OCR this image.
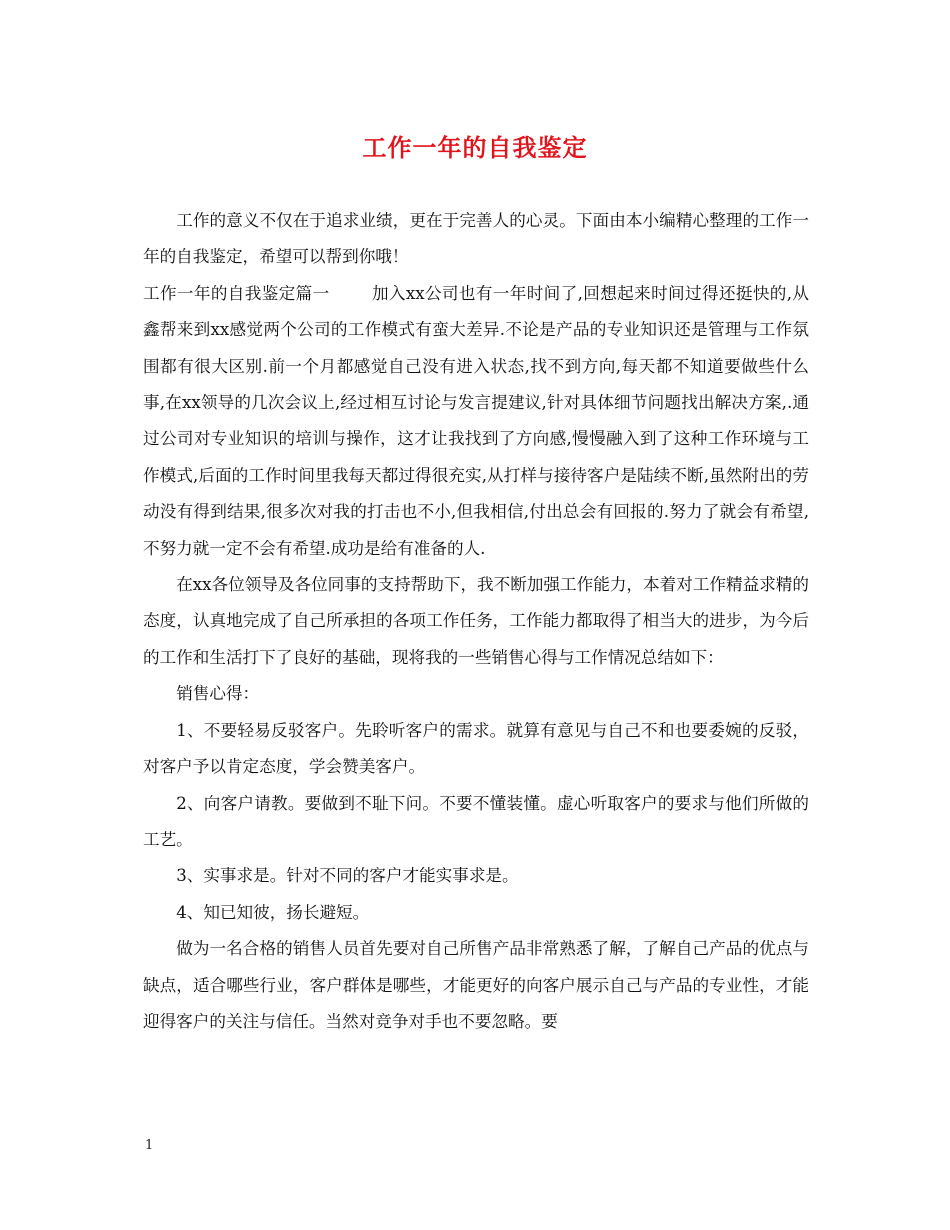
工作一年的自我鉴定

工作的意义不仅在于追求业绩，更在于完善人的心灵。下面由本小编精心整理的工作一年的自我鉴定，希望可以帮到你哦！

工作一年的自我鉴定篇一	加入xx公司也有一年时间了,回想起来时间过得还挺快的,从鑫帮来到xx感觉两个公司的工作模式有蛮大差异.不论是产品的专业知识还是管理与工作氛围都有很大区别.前一个月都感觉自己没有进入状态,找不到方向,每天都不知道要做些什么事,在xx领导的几次会议上,经过相互讨论与发言提建议,针对具体细节问题找出解决方案,.通过公司对专业知识的培训与操作，这才让我找到了方向感,慢慢融入到了这种工作环境与工作模式,后面的工作时间里我每天都过得很充实,从打样与接待客户是陆续不断,虽然附出的劳动没有得到结果,很多次对我的打击也不小,但我相信,付出总会有回报的.努力了就会有希望,不努力就一定不会有希望.成功是给有准备的人.

在xx各位领导及各位同事的支持帮助下，我不断加强工作能力，本着对工作精益求精的态度，认真地完成了自己所承担的各项工作任务，工作能力都取得了相当大的进步，为今后的工作和生活打下了良好的基础，现将我的一些销售心得与工作情况总结如下：

销售心得：

1、不要轻易反驳客户。先聆听客户的需求。就算有意见与自己不和也要委婉的反驳，对客户予以肯定态度，学会赞美客户。

2、向客户请教。要做到不耻下问。不要不懂装懂。虚心听取客户的要求与他们所做的工艺。

3、实事求是。针对不同的客户才能实事求是。

4、知已知彼，扬长避短。

做为一名合格的销售人员首先要对自己所售产品非常熟悉了解，了解自己产品的优点与缺点，适合哪些行业，客户群体是哪些，才能更好的向客户展示自己与产品的专业性，才能迎得客户的关注与信任。当然对竞争对手也不要忽略。要

1
